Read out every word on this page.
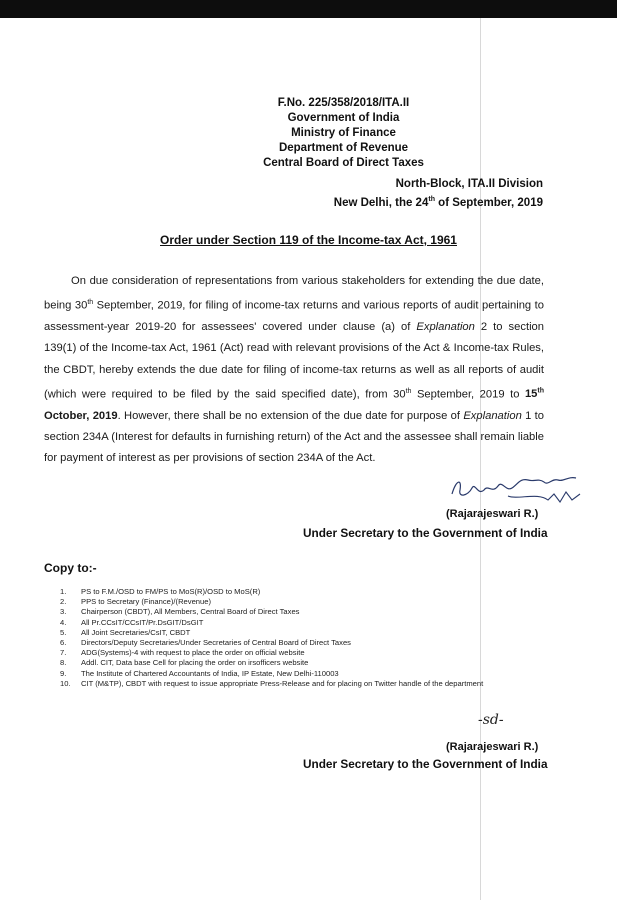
F.No. 225/358/2018/ITA.II
Government of India
Ministry of Finance
Department of Revenue
Central Board of Direct Taxes
North-Block, ITA.II Division
New Delhi, the 24th of September, 2019
Order under Section 119 of the Income-tax Act, 1961

On due consideration of representations from various stakeholders for extending the due date, being 30th September, 2019, for filing of income-tax returns and various reports of audit pertaining to assessment-year 2019-20 for assessees' covered under clause (a) of Explanation 2 to section 139(1) of the Income-tax Act, 1961 (Act) read with relevant provisions of the Act & Income-tax Rules, the CBDT, hereby extends the due date for filing of income-tax returns as well as all reports of audit (which were required to be filed by the said specified date), from 30th September, 2019 to 15th October, 2019. However, there shall be no extension of the due date for purpose of Explanation 1 to section 234A (Interest for defaults in furnishing return) of the Act and the assessee shall remain liable for payment of interest as per provisions of section 234A of the Act.

(Rajarajeswari R.)
Under Secretary to the Government of India
Copy to:-
1.	PS to F.M./OSD to FM/PS to MoS(R)/OSD to MoS(R)
2.	PPS to Secretary (Finance)/(Revenue)
3.	Chairperson (CBDT), All Members, Central Board of Direct Taxes
4.	All Pr.CCsIT/CCsIT/Pr.DsGIT/DsGIT
5.	All Joint Secretaries/CsIT, CBDT
6.	Directors/Deputy Secretaries/Under Secretaries of Central Board of Direct Taxes
7.	ADG(Systems)-4 with request to place the order on official website
8.	Addl. CIT, Data base Cell for placing the order on irsofficers website
9.	The Institute of Chartered Accountants of India, IP Estate, New Delhi-110003
10.	CIT (M&TP), CBDT with request to issue appropriate Press-Release and for placing on Twitter handle of the department
-sd-
(Rajarajeswari R.)
Under Secretary to the Government of India
